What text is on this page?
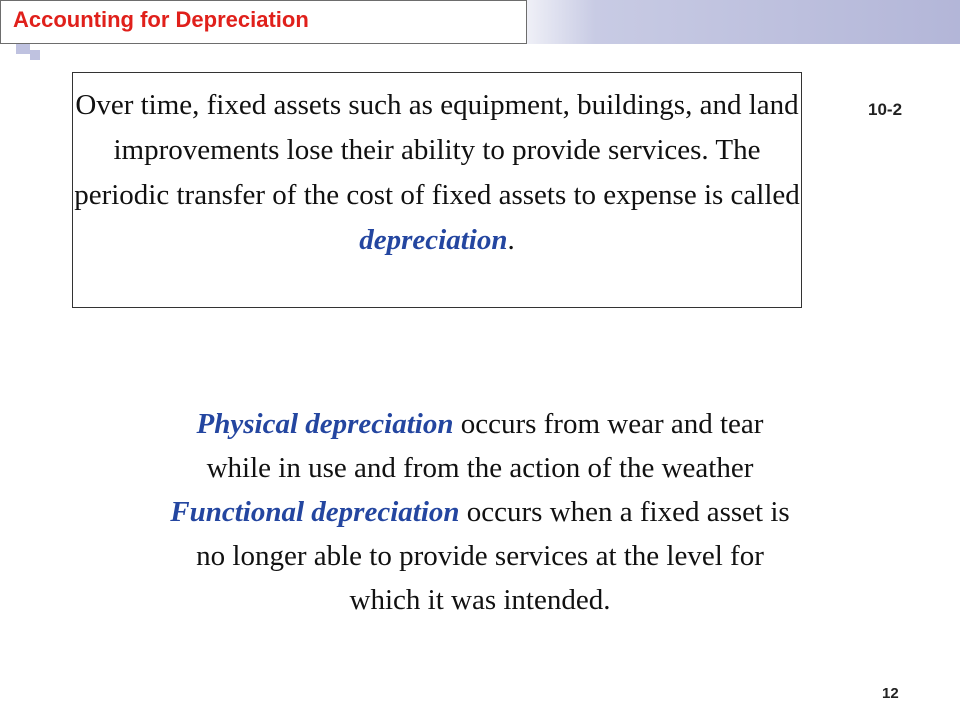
Accounting for Depreciation
10-2
Over time, fixed assets such as equipment, buildings, and land improvements lose their ability to provide services. The periodic transfer of the cost of fixed assets to expense is called depreciation.
Physical depreciation occurs from wear and tear while in use and from the action of the weather Functional depreciation occurs when a fixed asset is no longer able to provide services at the level for which it was intended.
12
